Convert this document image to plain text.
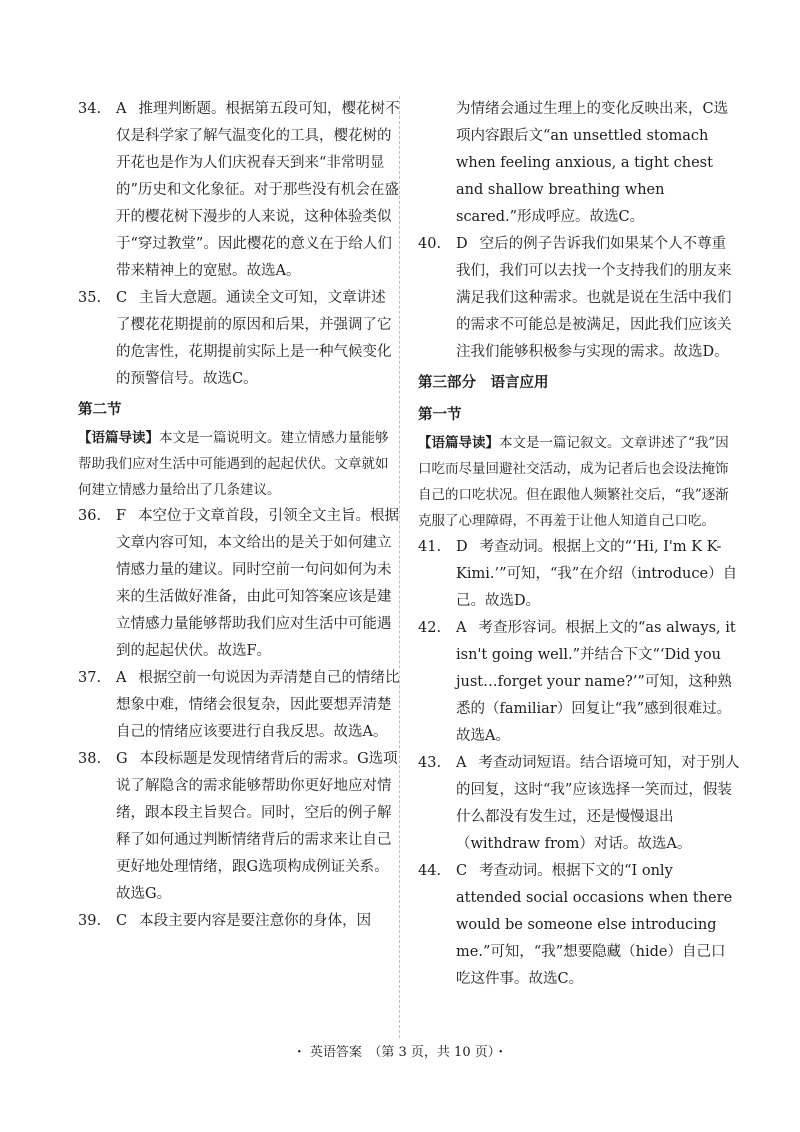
34.	A 推理判断题。根据第五段可知，樱花树不仅是科学家了解气温变化的工具，樱花树的开花也是作为人们庆祝春天到来“非常明显的”历史和文化象征。对于那些没有机会在盛开的樱花树下漫步的人来说，这种体验类似于“穿过教堂”。因此樱花的意义在于给人们带来精神上的宽慰。故选A。
35.	C 主旨大意题。通读全文可知，文章讲述了樱花花期提前的原因和后果，并强调了它的危害性，花期提前实际上是一种气候变化的预警信号。故选C。
第二节
【语篇导读】本文是一篇说明文。建立情感力量能够帮助我们应对生活中可能遇到的起起伏伏。文章就如何建立情感力量给出了几条建议。
36.	F 本空位于文章首段，引领全文主旨。根据文章内容可知，本文给出的是关于如何建立情感力量的建议。同时空前一句问如何为未来的生活做好准备，由此可知答案应该是建立情感力量能够帮助我们应对生活中可能遇到的起起伏伏。故选F。
37.	A 根据空前一句说因为弄清楚自己的情绪比想象中难，情绪会很复杂，因此要想弄清楚自己的情绪应该要进行自我反思。故选A。
38.	G 本段标题是发现情绪背后的需求。G选项说了解隐含的需求能够帮助你更好地应对情绪，跟本段主旨契合。同时，空后的例子解释了如何通过判断情绪背后的需求来让自己更好地处理情绪，跟G选项构成例证关系。故选G。
39.	C 本段主要内容是要注意你的身体，因
为情绪会通过生理上的变化反映出来，C选项内容跟后文“an unsettled stomach when feeling anxious, a tight chest and shallow breathing when scared.”形成呼应。故选C。
40.	D 空后的例子告诉我们如果某个人不尊重我们，我们可以去找一个支持我们的朋友来满足我们这种需求。也就是说在生活中我们的需求不可能总是被满足，因此我们应该关注我们能够积极参与实现的需求。故选D。
第三部分　语言应用
第一节
【语篇导读】本文是一篇记叙文。文章讲述了“我”因口吃而尽量回避社交活动，成为记者后也会设法掩饰自己的口吃状况。但在跟他人频繁社交后，“我”逐渐克服了心理障碍，不再羞于让他人知道自己口吃。
41.	D 考查动词。根据上文的“‘Hi, I'm K K-Kimi.’”可知，“我”在介绍（introduce）自己。故选D。
42.	A 考查形容词。根据上文的“as always, it isn't going well.”并结合下文“‘Did you just…forget your name?’”可知，这种熟悉的（familiar）回复让“我”感到很难过。故选A。
43.	A 考查动词短语。结合语境可知，对于别人的回复，这时“我”应该选择一笑而过，假装什么都没有发生过，还是慢慢退出（withdraw from）对话。故选A。
44.	C 考查动词。根据下文的“I only attended social occasions when there would be someone else introducing me.”可知，“我”想要隐藏（hide）自己口吃这件事。故选C。
・ 英语答案　（第 3 页，共 10 页）・
